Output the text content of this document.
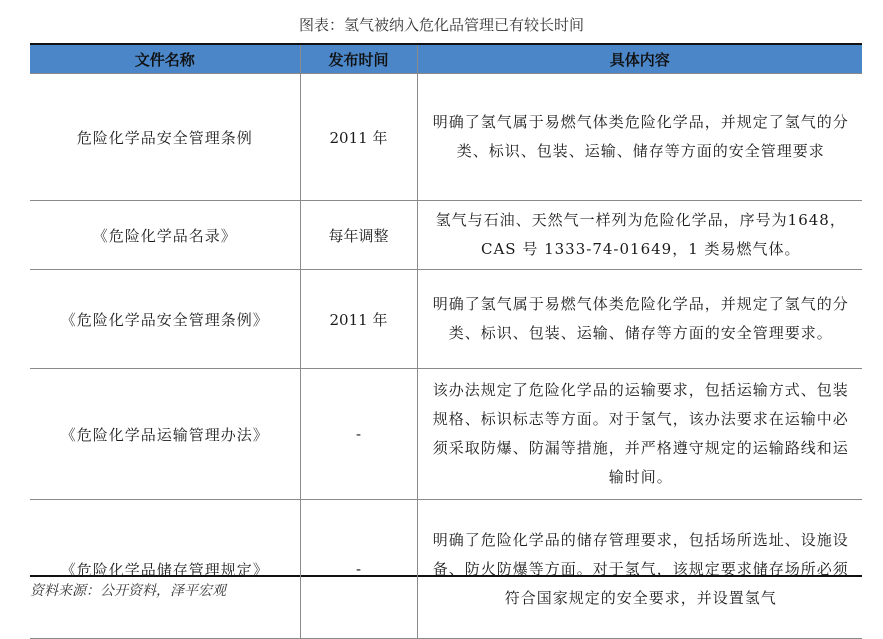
图表：氢气被纳入危化品管理已有较长时间
文件名称	发布时间	具体内容
危险化学品安全管理条例	2011 年	明确了氢气属于易燃气体类危险化学品，并规定了氢气的分类、标识、包装、运输、储存等方面的安全管理要求
《危险化学品名录》	每年调整	氢气与石油、天然气一样列为危险化学品，序号为1648，CAS 号 1333-74-01649，1 类易燃气体。
《危险化学品安全管理条例》	2011 年	明确了氢气属于易燃气体类危险化学品，并规定了氢气的分类、标识、包装、运输、储存等方面的安全管理要求。
《危险化学品运输管理办法》	-	该办法规定了危险化学品的运输要求，包括运输方式、包装规格、标识标志等方面。对于氢气，该办法要求在运输中必须采取防爆、防漏等措施，并严格遵守规定的运输路线和运输时间。
《危险化学品储存管理规定》	-	明确了危险化学品的储存管理要求，包括场所选址、设施设备、防火防爆等方面。对于氢气，该规定要求储存场所必须符合国家规定的安全要求，并设置氢气
资料来源：公开资料，泽平宏观
